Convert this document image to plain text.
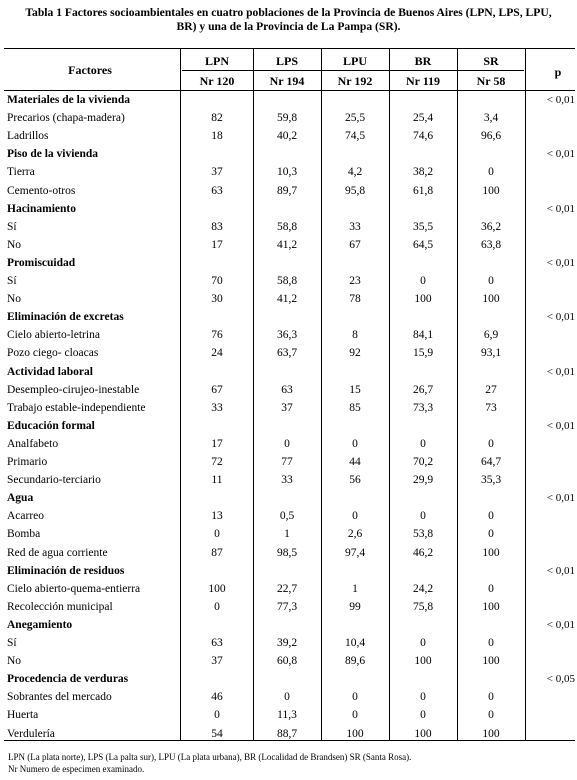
Tabla 1 Factores socioambientales en cuatro poblaciones de la Provincia de Buenos Aires (LPN, LPS, LPU,
BR) y una de la Provincia de La Pampa (SR).
Factores	p
LPN	LPS	LPU	BR	SR
Nr 120	Nr 194	Nr 192	Nr 119	Nr 58
Materiales de la vivienda	< 0,01
Precarios (chapa-madera)	82	59,8	25,5	25,4	3,4
Ladrillos	18	40,2	74,5	74,6	96,6
Piso de la vivienda	< 0,01
Tierra	37	10,3	4,2	38,2	0
Cemento-otros	63	89,7	95,8	61,8	100
Hacinamiento	< 0,01
Sí	83	58,8	33	35,5	36,2
No	17	41,2	67	64,5	63,8
Promiscuidad	< 0,01
Sí	70	58,8	23	0	0
No	30	41,2	78	100	100
Eliminación de excretas	< 0,01
Cielo abierto-letrina	76	36,3	8	84,1	6,9
Pozo ciego- cloacas	24	63,7	92	15,9	93,1
Actividad laboral	< 0,01
Desempleo-cirujeo-inestable	67	63	15	26,7	27
Trabajo estable-independiente	33	37	85	73,3	73
Educación formal	< 0,01
Analfabeto	17	0	0	0	0
Primario	72	77	44	70,2	64,7
Secundario-terciario	11	33	56	29,9	35,3
Agua	< 0,01
Acarreo	13	0,5	0	0	0
Bomba	0	1	2,6	53,8	0
Red de agua corriente	87	98,5	97,4	46,2	100
Eliminación de residuos	< 0,01
Cielo abierto-quema-entierra	100	22,7	1	24,2	0
Recolección municipal	0	77,3	99	75,8	100
Anegamiento	< 0,01
Sí	63	39,2	10,4	0	0
No	37	60,8	89,6	100	100
Procedencia de verduras	< 0,05
Sobrantes del mercado	46	0	0	0	0
Huerta	0	11,3	0	0	0
Verdulería	54	88,7	100	100	100
LPN (La plata norte), LPS (La palta sur), LPU (La plata urbana), BR (Localidad de Brandsen) SR (Santa Rosa).
Nr Numero de especimen examinado.
